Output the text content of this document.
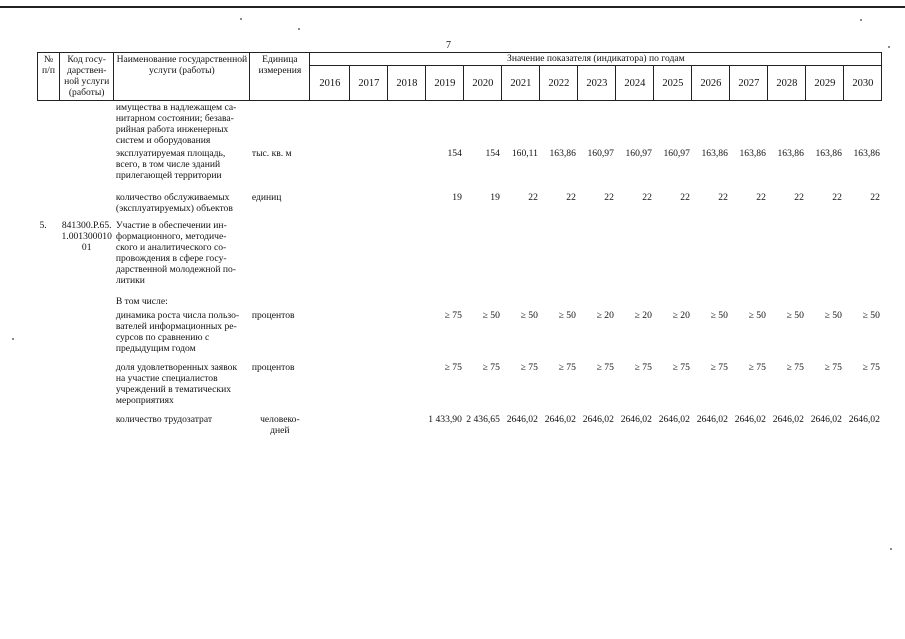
7
№ п/п	Код госу-дарствен-ной услуги (работы)	Наименование государственной услуги (работы)	Единица измерения	Значение показателя (индикатора) по годам														
				2016	2017	2018	2019	2020	2021	2022	2023	2024	2025	2026	2027	2028	2029	2030
		имущества в надлежащем са-нитарном состоянии; безава-рийная работа инженерных систем и оборудования																
		эксплуатируемая площадь, всего, в том числе зданий прилегающей территории	тыс. кв. м				154	154	160,11	163,86	160,97	160,97	160,97	163,86	163,86	163,86	163,86	163,86
		количество обслуживаемых (эксплуатируемых) объектов	единиц				19	19	22	22	22	22	22	22	22	22	22	22
5.	841300.Р.65. 1.001300010 01	Участие в обеспечении ин-формационного, методиче-ского и аналитического со-провождения в сфере госу-дарственной молодежной по-литики																
		В том числе:																
		динамика роста числа пользо-вателей информационных ре-сурсов по сравнению с предыдущим годом	процентов				≥ 75	≥ 50	≥ 50	≥ 50	≥ 20	≥ 20	≥ 20	≥ 50	≥ 50	≥ 50	≥ 50	≥ 50
		доля удовлетворенных заявок на участие специалистов учреждений в тематических мероприятиях	процентов				≥ 75	≥ 75	≥ 75	≥ 75	≥ 75	≥ 75	≥ 75	≥ 75	≥ 75	≥ 75	≥ 75	≥ 75
		количество трудозатрат	человеко-дней				1 433,90	2 436,65	2646,02	2646,02	2646,02	2646,02	2646,02	2646,02	2646,02	2646,02	2646,02	2646,02
